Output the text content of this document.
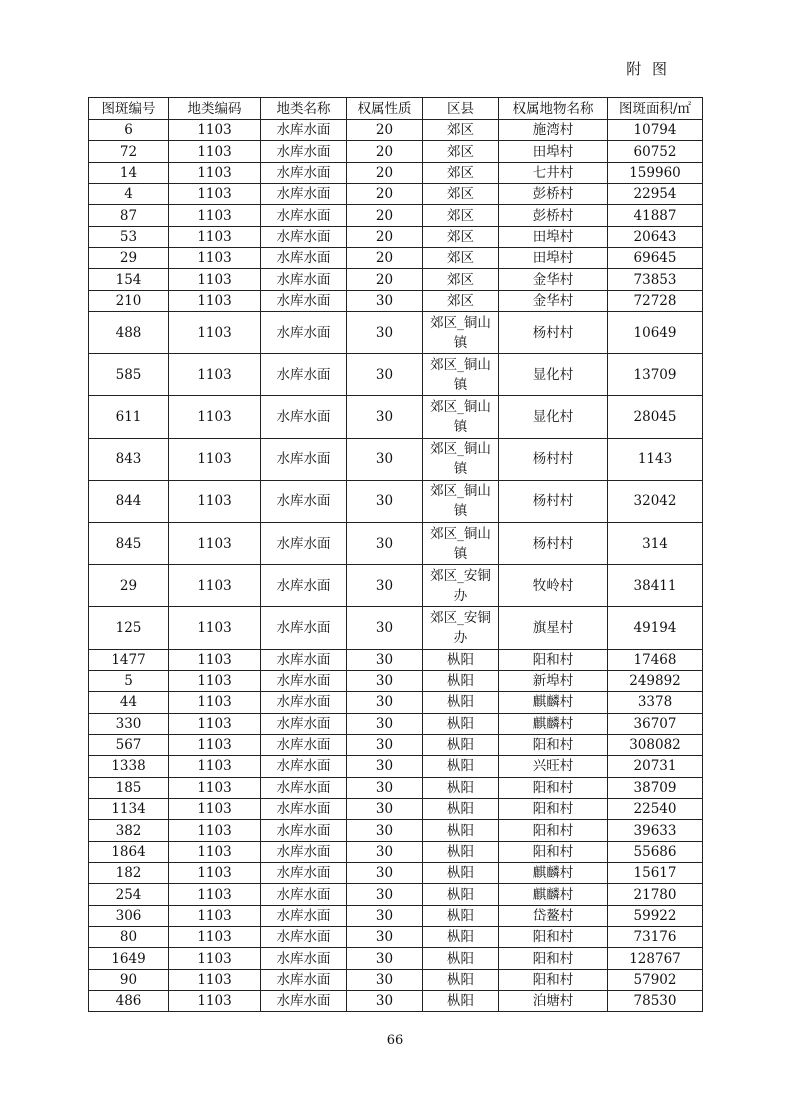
附 图
图斑编号	地类编码	地类名称	权属性质	区县	权属地物名称	图斑面积/㎡
6	1103	水库水面	20	郊区	施湾村	10794
72	1103	水库水面	20	郊区	田埠村	60752
14	1103	水库水面	20	郊区	七井村	159960
4	1103	水库水面	20	郊区	彭桥村	22954
87	1103	水库水面	20	郊区	彭桥村	41887
53	1103	水库水面	20	郊区	田埠村	20643
29	1103	水库水面	20	郊区	田埠村	69645
154	1103	水库水面	20	郊区	金华村	73853
210	1103	水库水面	30	郊区	金华村	72728
488	1103	水库水面	30	郊区_铜山镇	杨村村	10649
585	1103	水库水面	30	郊区_铜山镇	显化村	13709
611	1103	水库水面	30	郊区_铜山镇	显化村	28045
843	1103	水库水面	30	郊区_铜山镇	杨村村	1143
844	1103	水库水面	30	郊区_铜山镇	杨村村	32042
845	1103	水库水面	30	郊区_铜山镇	杨村村	314
29	1103	水库水面	30	郊区_安铜办	牧岭村	38411
125	1103	水库水面	30	郊区_安铜办	旗星村	49194
1477	1103	水库水面	30	枞阳	阳和村	17468
5	1103	水库水面	30	枞阳	新埠村	249892
44	1103	水库水面	30	枞阳	麒麟村	3378
330	1103	水库水面	30	枞阳	麒麟村	36707
567	1103	水库水面	30	枞阳	阳和村	308082
1338	1103	水库水面	30	枞阳	兴旺村	20731
185	1103	水库水面	30	枞阳	阳和村	38709
1134	1103	水库水面	30	枞阳	阳和村	22540
382	1103	水库水面	30	枞阳	阳和村	39633
1864	1103	水库水面	30	枞阳	阳和村	55686
182	1103	水库水面	30	枞阳	麒麟村	15617
254	1103	水库水面	30	枞阳	麒麟村	21780
306	1103	水库水面	30	枞阳	岱鳌村	59922
80	1103	水库水面	30	枞阳	阳和村	73176
1649	1103	水库水面	30	枞阳	阳和村	128767
90	1103	水库水面	30	枞阳	阳和村	57902
486	1103	水库水面	30	枞阳	泊塘村	78530
66
